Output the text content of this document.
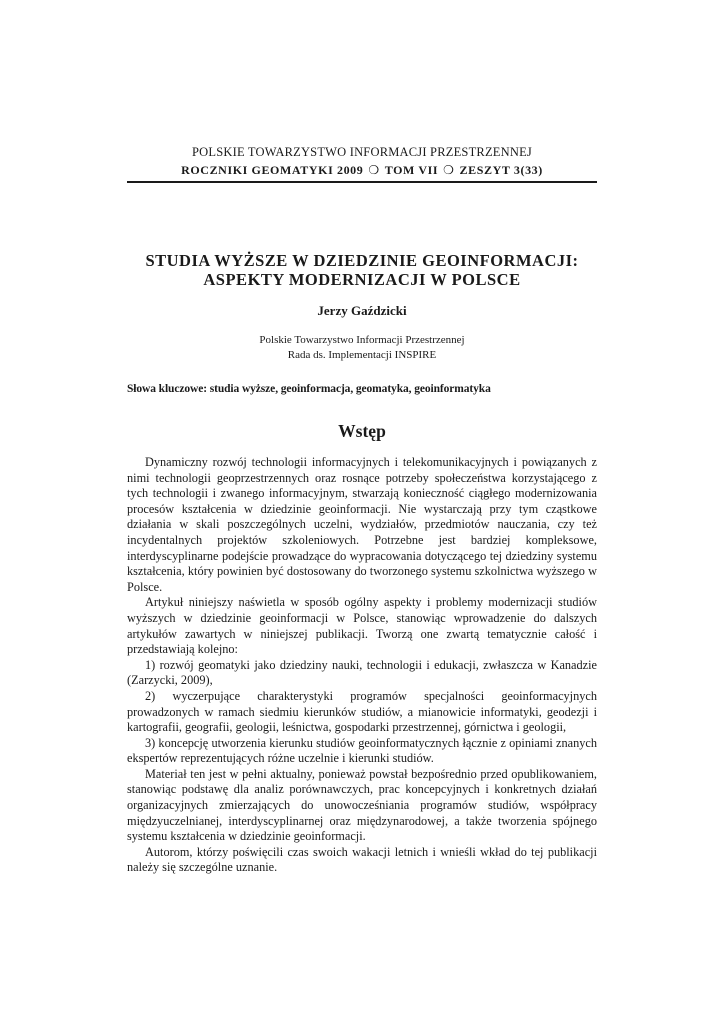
POLSKIE TOWARZYSTWO INFORMACJI PRZESTRZENNEJ
ROCZNIKI GEOMATYKI 2009 ❍ TOM VII ❍ ZESZYT 3(33)
STUDIA WYŻSZE W DZIEDZINIE GEOINFORMACJI:
ASPEKTY MODERNIZACJI W POLSCE
Jerzy Gaździcki
Polskie Towarzystwo Informacji Przestrzennej
Rada ds. Implementacji INSPIRE
Słowa kluczowe: studia wyższe, geoinformacja, geomatyka, geoinformatyka
Wstęp

Dynamiczny rozwój technologii informacyjnych i telekomunikacyjnych i powiązanych z nimi technologii geoprzestrzennych oraz rosnące potrzeby społeczeństwa korzystającego z tych technologii i zwanego informacyjnym, stwarzają konieczność ciągłego modernizowania procesów kształcenia w dziedzinie geoinformacji. Nie wystarczają przy tym cząstkowe działania w skali poszczególnych uczelni, wydziałów, przedmiotów nauczania, czy też incydentalnych projektów szkoleniowych. Potrzebne jest bardziej kompleksowe, interdyscyplinarne podejście prowadzące do wypracowania dotyczącego tej dziedziny systemu kształcenia, który powinien być dostosowany do tworzonego systemu szkolnictwa wyższego w Polsce.

Artykuł niniejszy naświetla w sposób ogólny aspekty i problemy modernizacji studiów wyższych w dziedzinie geoinformacji w Polsce, stanowiąc wprowadzenie do dalszych artykułów zawartych w niniejszej publikacji. Tworzą one zwartą tematycznie całość i przedstawiają kolejno:

1) rozwój geomatyki jako dziedziny nauki, technologii i edukacji, zwłaszcza w Kanadzie (Zarzycki, 2009),

2) wyczerpujące charakterystyki programów specjalności geoinformacyjnych prowadzonych w ramach siedmiu kierunków studiów, a mianowicie informatyki, geodezji i kartografii, geografii, geologii, leśnictwa, gospodarki przestrzennej, górnictwa i geologii,

3) koncepcję utworzenia kierunku studiów geoinformatycznych łącznie z opiniami znanych ekspertów reprezentujących różne uczelnie i kierunki studiów.

Materiał ten jest w pełni aktualny, ponieważ powstał bezpośrednio przed opublikowaniem, stanowiąc podstawę dla analiz porównawczych, prac koncepcyjnych i konkretnych działań organizacyjnych zmierzających do unowocześniania programów studiów, współpracy międzyuczelnianej, interdyscyplinarnej oraz międzynarodowej, a także tworzenia spójnego systemu kształcenia w dziedzinie geoinformacji.

Autorom, którzy poświęcili czas swoich wakacji letnich i wnieśli wkład do tej publikacji należy się szczególne uznanie.
